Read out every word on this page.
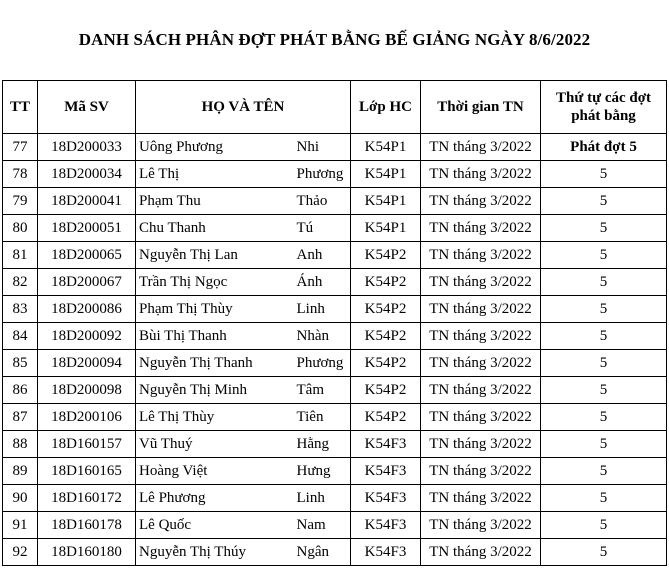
DANH SÁCH PHÂN ĐỢT PHÁT BẰNG BẾ GIẢNG NGÀY 8/6/2022
TT	Mã SV	HỌ VÀ TÊN		Lớp HC	Thời gian TN	Thứ tự các đợt phát bằng
77	18D200033	Uông Phương	Nhi	K54P1	TN tháng 3/2022	Phát đợt 5
78	18D200034	Lê Thị	Phương	K54P1	TN tháng 3/2022	5
79	18D200041	Phạm Thu	Thảo	K54P1	TN tháng 3/2022	5
80	18D200051	Chu Thanh	Tú	K54P1	TN tháng 3/2022	5
81	18D200065	Nguyễn Thị Lan	Anh	K54P2	TN tháng 3/2022	5
82	18D200067	Trần Thị Ngọc	Ánh	K54P2	TN tháng 3/2022	5
83	18D200086	Phạm Thị Thùy	Linh	K54P2	TN tháng 3/2022	5
84	18D200092	Bùi Thị Thanh	Nhàn	K54P2	TN tháng 3/2022	5
85	18D200094	Nguyễn Thị Thanh	Phương	K54P2	TN tháng 3/2022	5
86	18D200098	Nguyễn Thị Minh	Tâm	K54P2	TN tháng 3/2022	5
87	18D200106	Lê Thị Thùy	Tiên	K54P2	TN tháng 3/2022	5
88	18D160157	Vũ Thuý	Hằng	K54F3	TN tháng 3/2022	5
89	18D160165	Hoàng Việt	Hưng	K54F3	TN tháng 3/2022	5
90	18D160172	Lê Phương	Linh	K54F3	TN tháng 3/2022	5
91	18D160178	Lê Quốc	Nam	K54F3	TN tháng 3/2022	5
92	18D160180	Nguyễn Thị Thúy	Ngân	K54F3	TN tháng 3/2022	5
